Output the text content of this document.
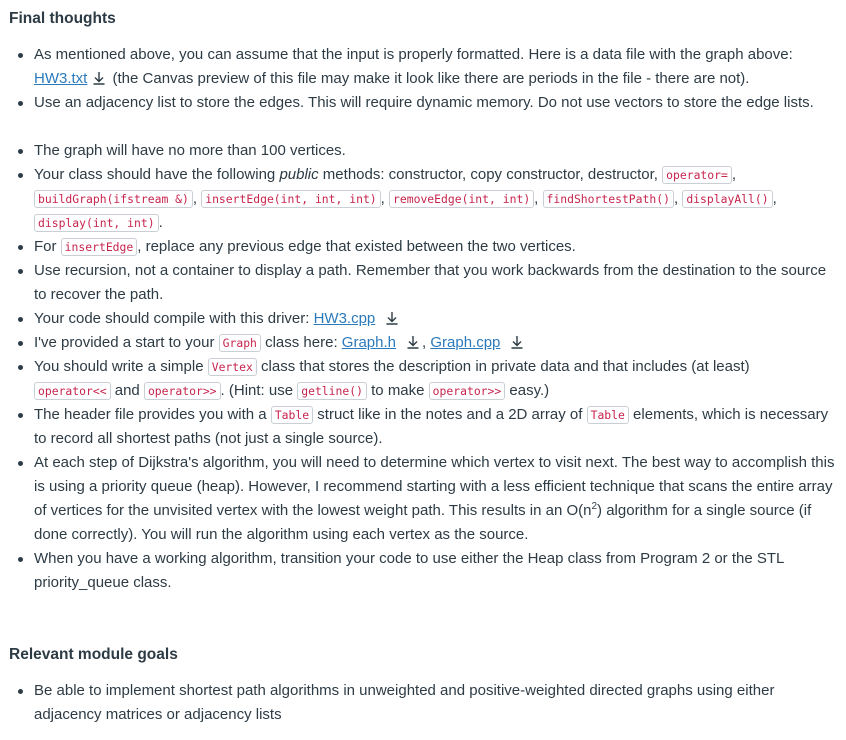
Final thoughts
As mentioned above, you can assume that the input is properly formatted. Here is a data file with the graph above: HW3.txt
(the Canvas preview of this file may make it look like there are periods in the file - there are not).
Use an adjacency list to store the edges. This will require dynamic memory. Do not use vectors to store the edge lists.
The graph will have no more than 100 vertices.
Your class should have the following public methods: constructor, copy constructor, destructor, operator= ,
buildGraph(ifstream &) , insertEdge(int, int, int) , removeEdge(int, int) , findShortestPath() , displayAll() ,
display(int, int) .
For insertEdge , replace any previous edge that existed between the two vertices.
Use recursion, not a container to display a path. Remember that you work backwards from the destination to the source to recover the path.
Your code should compile with this driver: HW3.cpp
I've provided a start to your Graph class here: Graph.h , Graph.cpp
You should write a simple Vertex class that stores the description in private data and that includes (at least)
operator<< and operator>> . (Hint: use getline() to make operator>> easy.)
The header file provides you with a Table struct like in the notes and a 2D array of Table elements, which is necessary to record all shortest paths (not just a single source).
At each step of Dijkstra's algorithm, you will need to determine which vertex to visit next. The best way to accomplish this is using a priority queue (heap). However, I recommend starting with a less efficient technique that scans the entire array of vertices for the unvisited vertex with the lowest weight path. This results in an $O(n^2)$ algorithm for a single source (if done correctly). You will run the algorithm using each vertex as the source.
When you have a working algorithm, transition your code to use either the Heap class from Program 2 or the STL priority_queue class.
Relevant module goals
Be able to implement shortest path algorithms in unweighted and positive-weighted directed graphs using either adjacency matrices or adjacency lists
